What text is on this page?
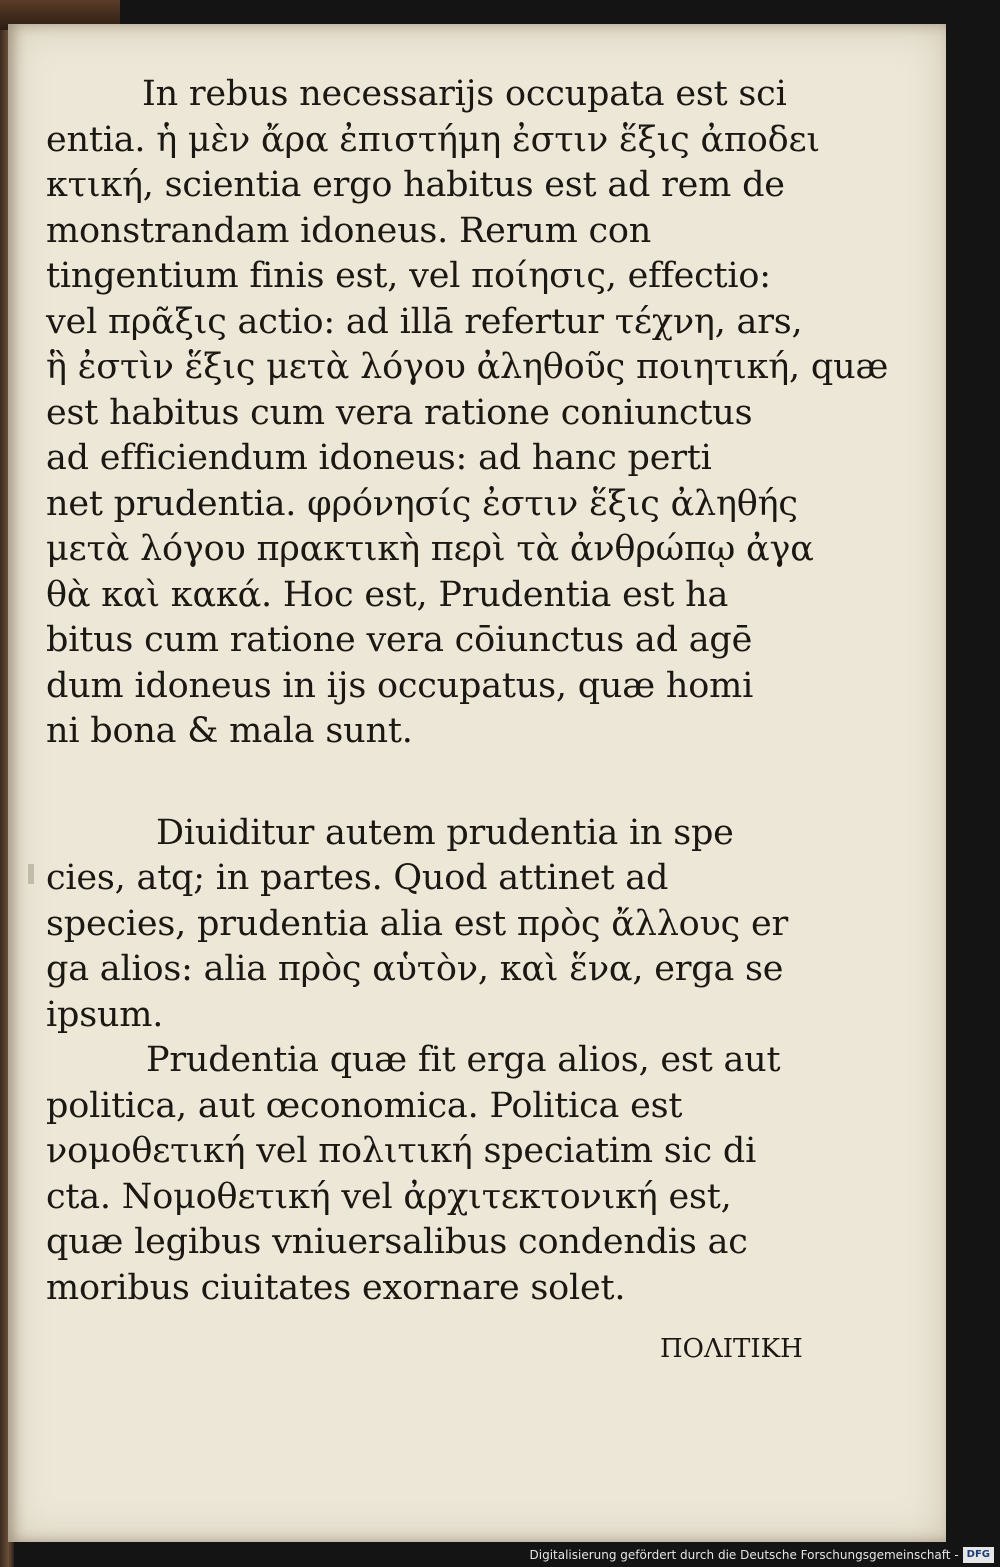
In rebus necessarijs occupata est sci
entia. ἡ μὲν ἄρα ἐπιστήμη ἐστιν ἕξις ἀποδει
κτική, scientia ergo habitus est ad rem de
monstrandam idoneus. Rerum con
tingentium finis est, vel ποίησις, effectio:
vel πρᾶξις actio: ad illā refertur τέχνη, ars,
ἣ ἐστὶν ἕξις μετὰ λόγου ἀληθοῦς ποιητική, quæ
est habitus cum vera ratione coniunctus
ad efficiendum idoneus: ad hanc perti
net prudentia. φρόνησίς ἐστιν ἕξις ἀληθής
μετὰ λόγου πρακτικὴ περὶ τὰ ἀνθρώπῳ ἀγα
θὰ καὶ κακά. Hoc est, Prudentia est ha
bitus cum ratione vera cōiunctus ad agē
dum idoneus in ijs occupatus, quæ homi
ni bona & mala sunt.
Diuiditur autem prudentia in spe
cies, atq; in partes. Quod attinet ad
species, prudentia alia est πρὸς ἄλλους er
ga alios: alia πρὸς αὑτὸν, καὶ ἕνα, erga se
ipsum.
Prudentia quæ fit erga alios, est aut
politica, aut œconomica. Politica est
νομοθετική vel πολιτική speciatim sic di
cta. Νομοθετική vel ἀρχιτεκτονική est,
quæ legibus vniuersalibus condendis ac
moribus ciuitates exornare solet.
ΠΟΛΙΤΙΚΗ
Digitalisierung gefördert durch die Deutsche Forschungsgemeinschaft - DFG
